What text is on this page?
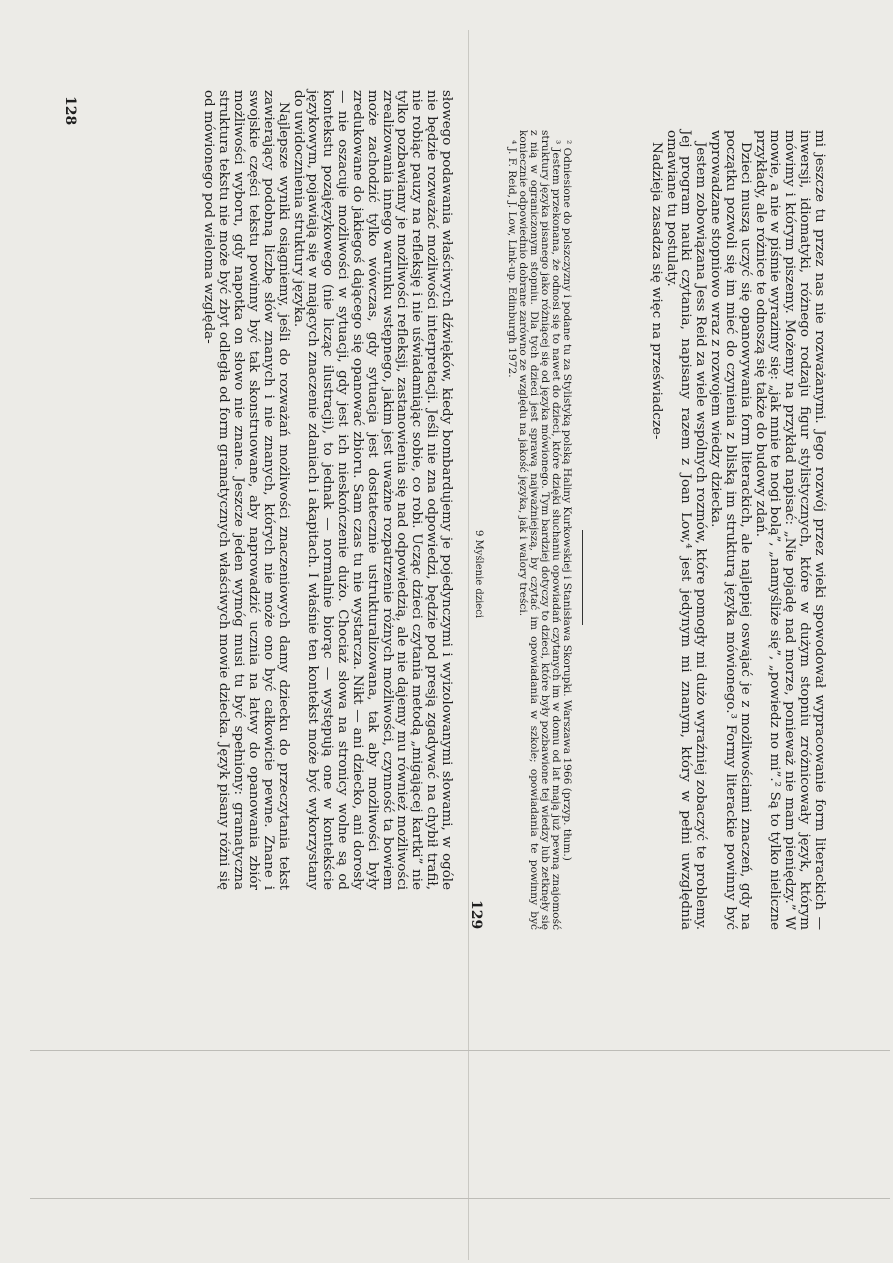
słowego podawania właściwych dźwięków, kiedy bombardujemy je pojedynczymi i wyizolowanymi słowami, w ogóle nie będzie rozważać możliwości interpretacji. Jeśli nie zna odpowiedzi, będzie pod presją zgadywać na chybił trafił, nie robiąc pauzy na refleksję i nie uświadamiając sobie, co robi. Ucząc dzieci czytania metodą „migającej kartki” nie tylko pozbawiamy je możliwości refleksji, zastanowienia się nad odpowiedzią, ale nie dajemy mu również możliwości zrealizowania innego warunku wstępnego, jakim jest uważne rozpatrzenie różnych możliwości, czynność ta bowiem może zachodzić tylko wówczas, gdy sytuacja jest dostatecznie ustrukturalizowana, tak aby możliwości były zredukowane do jakiegoś dającego się opanować zbioru. Sam czas tu nie wystarcza. Nikt — ani dziecko, ani dorosły — nie oszacuje możliwości w sytuacji, gdy jest ich nieskończenie dużo. Chociaż słowa na stronicy wolne są od kontekstu pozajęzykowego (nie licząc ilustracji), to jednak — normalnie biorąc — występują one w kontekście językowym, pojawiają się w mających znaczenie zdaniach i akapitach. I właśnie ten kontekst może być wykorzystany do uwidocznienia struktury języka.

Najlepsze wyniki osiągniemy, jeśli do rozważań możliwości znaczeniowych damy dziecku do przeczytania tekst zawierający podobną liczbę słów znanych i nie znanych, których nie może ono być całkowicie pewne. Znane i swojskie części tekstu powinny być tak skonstruowane, aby naprowadzić ucznia na łatwy do opanowania zbiór możliwości wyboru, gdy napotka on słowo nie znane. Jeszcze jeden wymóg musi tu być spełniony: gramatyczna struktura tekstu nie może być zbyt odległa od form gramatycznych właściwych mowie dziecka. Język pisany różni się od mówionego pod wieloma względa-

128

mi jeszcze tu przez nas nie rozważanymi. Jego rozwój przez wieki spowodował wypracowanie form literackich — inwersji, idiomatyki, różnego rodzaju figur stylistycznych, które w dużym stopniu zróżnicowały język, którym mówimy i którym piszemy. Możemy na przykład napisać: „Nie pojadę nad morze, ponieważ nie mam pieniędzy.” W mowie, a nie w piśmie wyrazimy się: „jak mnie te nogi bolą”, „namyśliże się”, „powiedz no mi”.² Są to tylko nieliczne przykłady, ale różnice te odnoszą się także do budowy zdań.

Dzieci muszą uczyć się opanowywania form literackich, ale najlepiej oswajać je z możliwościami znaczeń, gdy na początku pozwoli się im mieć do czynienia z bliską im strukturą języka mówionego.³ Formy literackie powinny być wprowadzane stopniowo wraz z rozwojem wiedzy dziecka.

Jestem zobowiązana Jess Reid za wiele wspólnych rozmów, które pomogły mi dużo wyraźniej zobaczyć te problemy. Jej program nauki czytania, napisany razem z Joan Low,⁴ jest jedynym mi znanym, który w pełni uwzględnia omawiane tu postulaty.

Nadzieja zasadza się więc na przeświadcze-

² Odniesione do polszczyzny i podane tu za Stylistyką polską Haliny Kurkowskiej i Stanisława Skorupki. Warszawa 1966 (przyp. tłum.)

³ Jestem przekonana, że odnosi się to nawet do dzieci, które dzięki słuchaniu opowiadań czytanych im w domu od lat mają już pewną znajomość struktury języka pisanego jako różniącej się od języka mówionego. Tym bardziej dotyczy to dzieci, które były pozbawione tej wiedzy lub zetknęły się z nią w ograniczonym stopniu. Dla tych dzieci jest sprawą najważniejszą, by czytać im opowiadania w szkole; opowiadania te powinny być koniecznie odpowiednio dobrane zarówno ze względu na jakość języka, jak i walory treści.

⁴ J. F. Reid, J. Low, Link-up. Edinburgh 1972.

9 Myślenie dzieci
129
